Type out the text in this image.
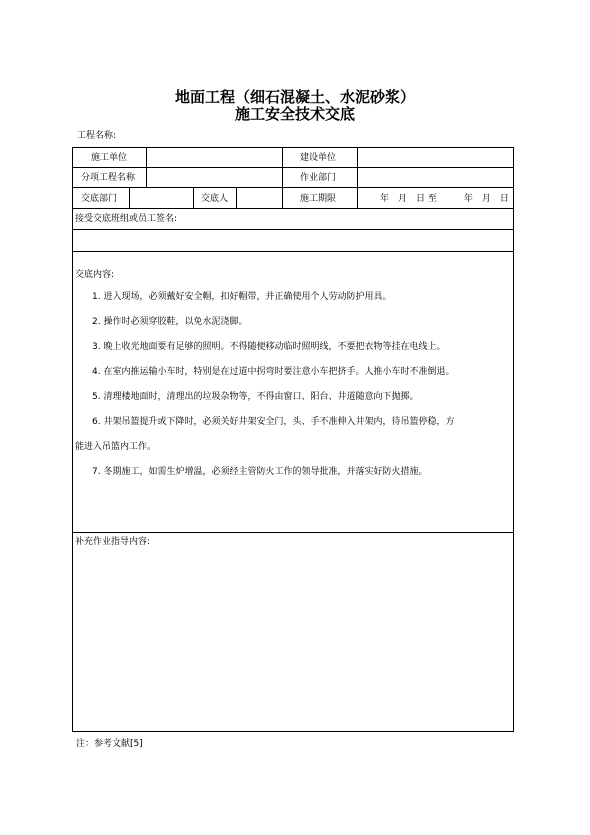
地面工程（细石混凝土、水泥砂浆）
施工安全技术交底
工程名称:
施工单位	建设单位
分项工程名称	作业部门
交底部门	交底人	施工期限	年　月　日 至　　　年　月　日
接受交底班组或员工签名:
交底内容:
1. 进入现场，必须戴好安全帽，扣好帽带，并正确使用个人劳动防护用具。
2. 操作时必须穿胶鞋，以免水泥浇脚。
3. 晚上收光地面要有足够的照明。不得随便移动临时照明线，不要把衣物等挂在电线上。
4. 在室内推运输小车时，特别是在过道中拐弯时要注意小车把挤手。人推小车时不准倒退。
5. 清理楼地面时，清理出的垃圾杂物等，不得由窗口、阳台、井道随意向下抛掷。
6. 井架吊篮提升或下降时，必须关好井架安全门，头、手不准伸入井架内，待吊篮停稳，方
能进入吊篮内工作。
7. 冬期施工，如需生炉增温，必须经主管防火工作的领导批准，并落实好防火措施。
补充作业指导内容:
注：参考文献[5]
